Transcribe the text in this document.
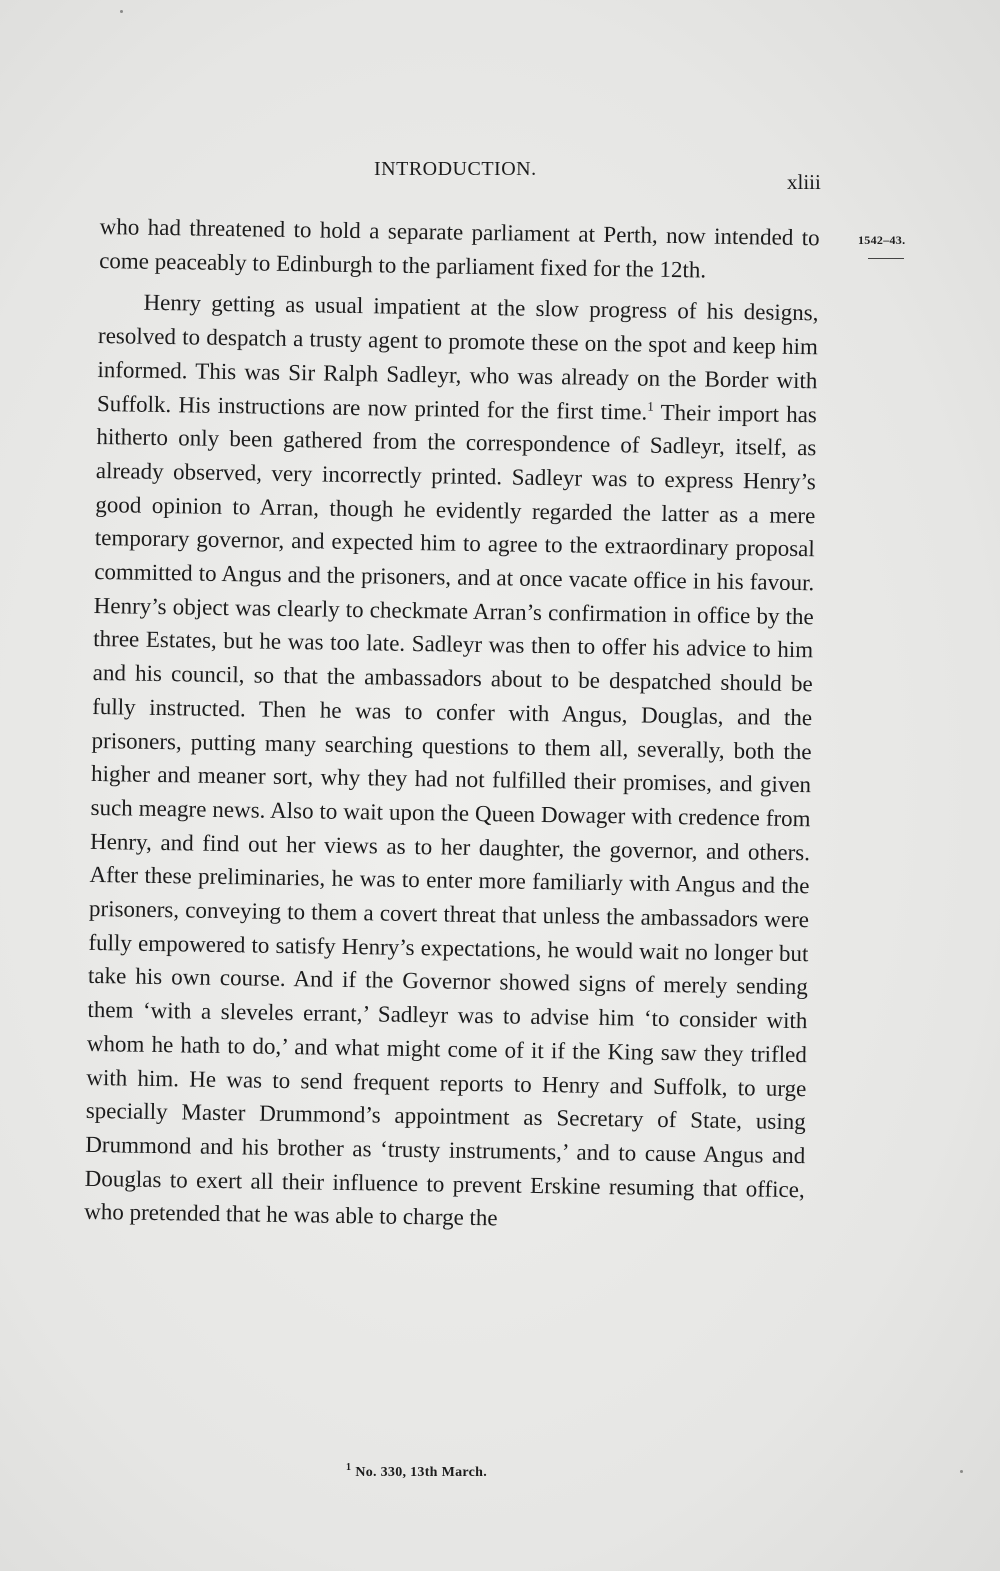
INTRODUCTION.
xliii
1542–43.

who had threatened to hold a separate parliament at Perth, now intended to come peaceably to Edinburgh to the parliament fixed for the 12th.

Henry getting as usual impatient at the slow progress of his designs, resolved to despatch a trusty agent to promote these on the spot and keep him informed. This was Sir Ralph Sadleyr, who was already on the Border with Suffolk. His instructions are now printed for the first time.$^1$ Their import has hitherto only been gathered from the correspondence of Sadleyr, itself, as already observed, very incorrectly printed. Sadleyr was to express Henry’s good opinion to Arran, though he evidently regarded the latter as a mere temporary governor, and expected him to agree to the extraordinary proposal committed to Angus and the prisoners, and at once vacate office in his favour. Henry’s object was clearly to checkmate Arran’s confirmation in office by the three Estates, but he was too late. Sadleyr was then to offer his advice to him and his council, so that the ambassadors about to be despatched should be fully instructed. Then he was to confer with Angus, Douglas, and the prisoners, putting many searching questions to them all, severally, both the higher and meaner sort, why they had not fulfilled their promises, and given such meagre news. Also to wait upon the Queen Dowager with credence from Henry, and find out her views as to her daughter, the governor, and others. After these preliminaries, he was to enter more familiarly with Angus and the prisoners, conveying to them a covert threat that unless the ambassadors were fully empowered to satisfy Henry’s expectations, he would wait no longer but take his own course. And if the Governor showed signs of merely sending them ‘with a sleveles errant,’ Sadleyr was to advise him ‘to consider with whom he hath to do,’ and what might come of it if the King saw they trifled with him. He was to send frequent reports to Henry and Suffolk, to urge specially Master Drummond’s appointment as Secretary of State, using Drummond and his brother as ‘trusty instruments,’ and to cause Angus and Douglas to exert all their influence to prevent Erskine resuming that office, who pretended that he was able to charge the

$^1$ No. 330, 13th March.
